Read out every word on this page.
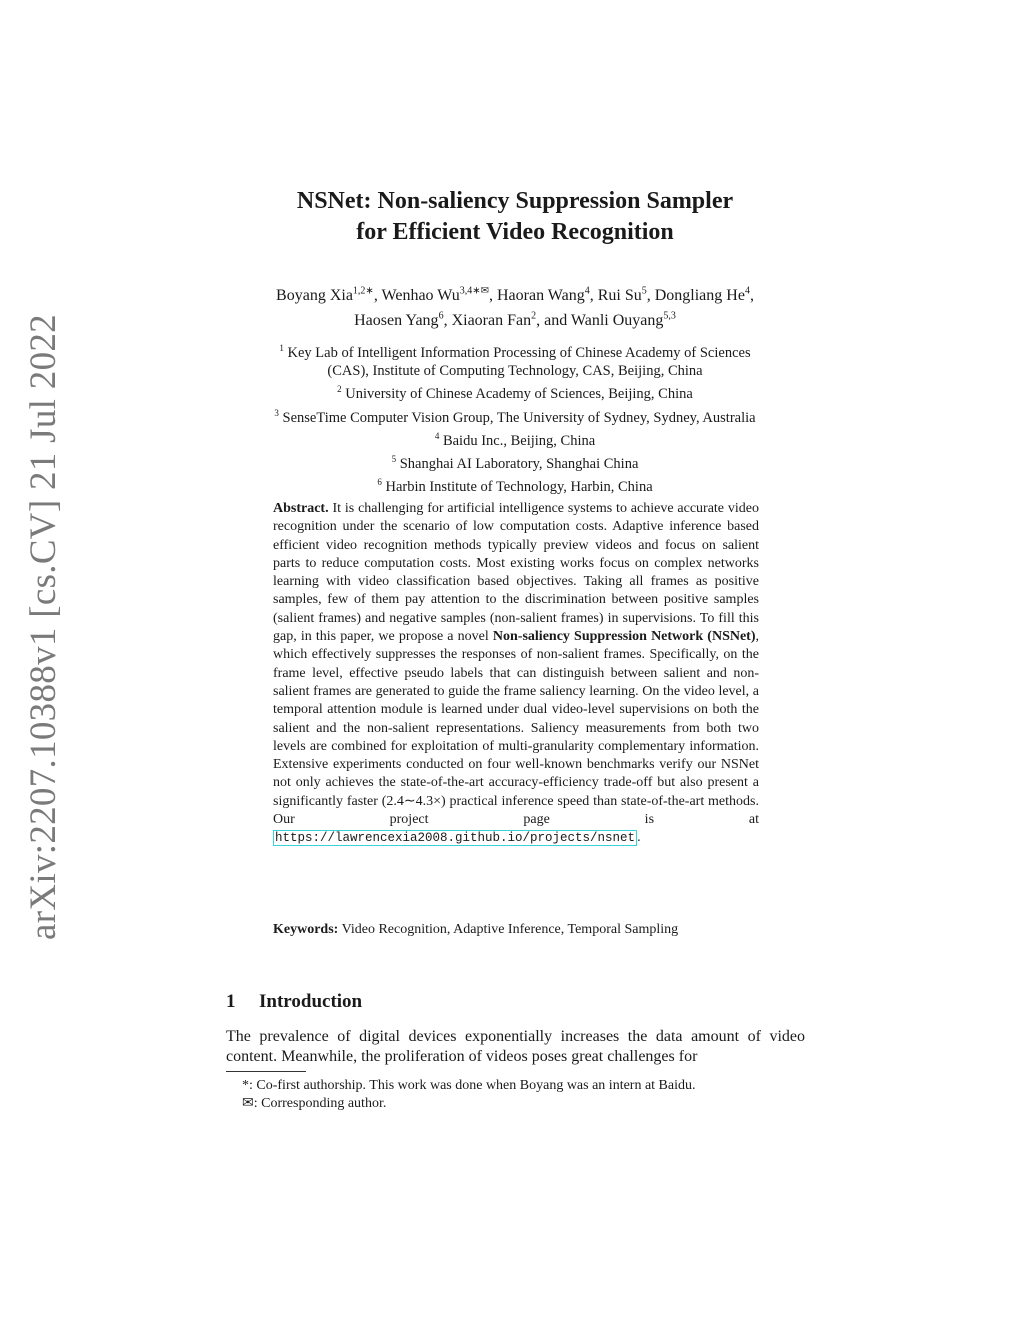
arXiv:2207.10388v1 [cs.CV] 21 Jul 2022
NSNet: Non-saliency Suppression Sampler
for Efficient Video Recognition
Boyang Xia$^{1,2∗}$, Wenhao $Wu^{3,4∗✉}$, Haoran Wang$^4$, Rui Su$^5$, Dongliang He$^4$,
Haosen Yang$^6$, Xiaoran Fan$^2$, and Wanli Ouyang$^{5,3}$
$^1$ Key Lab of Intelligent Information Processing of Chinese Academy of Sciences
(CAS), Institute of Computing Technology, CAS, Beijing, China
$^2$ University of Chinese Academy of Sciences, Beijing, China
$^3$ SenseTime Computer Vision Group, The University of Sydney, Sydney, Australia
$^4$ Baidu Inc., Beijing, China
$^5$ Shanghai AI Laboratory, Shanghai China
$^6$ Harbin Institute of Technology, Harbin, China
Abstract. It is challenging for artificial intelligence systems to achieve accurate video recognition under the scenario of low computation costs. Adaptive inference based efficient video recognition methods typically preview videos and focus on salient parts to reduce computation costs. Most existing works focus on complex networks learning with video classification based objectives. Taking all frames as positive samples, few of them pay attention to the discrimination between positive samples (salient frames) and negative samples (non-salient frames) in supervisions. To fill this gap, in this paper, we propose a novel Non-saliency Suppression Network (NSNet), which effectively suppresses the responses of non-salient frames. Specifically, on the frame level, effective pseudo labels that can distinguish between salient and non-salient frames are generated to guide the frame saliency learning. On the video level, a temporal attention module is learned under dual video-level supervisions on both the salient and the non-salient representations. Saliency measurements from both two levels are combined for exploitation of multi-granularity complementary information. Extensive experiments conducted on four well-known benchmarks verify our NSNet not only achieves the state-of-the-art accuracy-efficiency trade-off but also present a significantly faster (2.4∼4.3×) practical inference speed than state-of-the-art methods. Our project page is at https://lawrencexia2008.github.io/projects/nsnet .
Keywords: Video Recognition, Adaptive Inference, Temporal Sampling
1 Introduction
The prevalence of digital devices exponentially increases the data amount of video content. Meanwhile, the proliferation of videos poses great challenges for
*: Co-first authorship. This work was done when Boyang was an intern at Baidu.
✉: Corresponding author.
